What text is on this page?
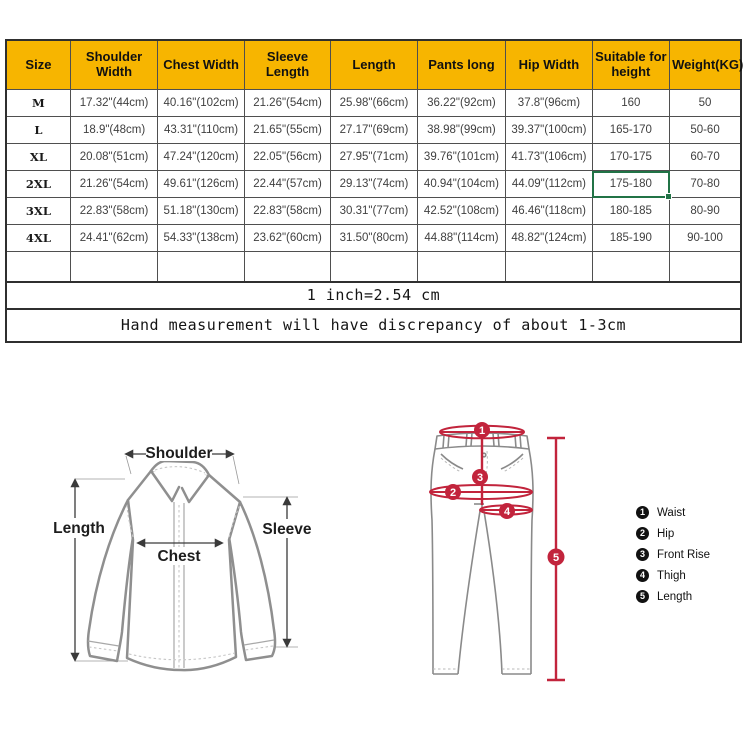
Size	Shoulder Width	Chest Width	Sleeve Length	Length	Pants long	Hip Width	Suitable for height	Weight(KG)
M	17.32"(44cm)	40.16"(102cm)	21.26"(54cm)	25.98"(66cm)	36.22"(92cm)	37.8"(96cm)	160	50
L	18.9"(48cm)	43.31"(110cm)	21.65"(55cm)	27.17"(69cm)	38.98"(99cm)	39.37"(100cm)	165-170	50-60
XL	20.08"(51cm)	47.24"(120cm)	22.05"(56cm)	27.95"(71cm)	39.76"(101cm)	41.73"(106cm)	170-175	60-70
2XL	21.26"(54cm)	49.61"(126cm)	22.44"(57cm)	29.13"(74cm)	40.94"(104cm)	44.09"(112cm)	175-180	70-80
3XL	22.83"(58cm)	51.18"(130cm)	22.83"(58cm)	30.31"(77cm)	42.52"(108cm)	46.46"(118cm)	180-185	80-90
4XL	24.41"(62cm)	54.33"(138cm)	23.62"(60cm)	31.50"(80cm)	44.88"(114cm)	48.82"(124cm)	185-190	90-100

1 inch=2.54 cm								
Hand measurement will have discrepancy of about 1-3cm								
Shoulder
Length	Sleeve
Chest
1
2
3
4
5
1	Waist
2	Hip
3	Front Rise
4	Thigh
5	Length
